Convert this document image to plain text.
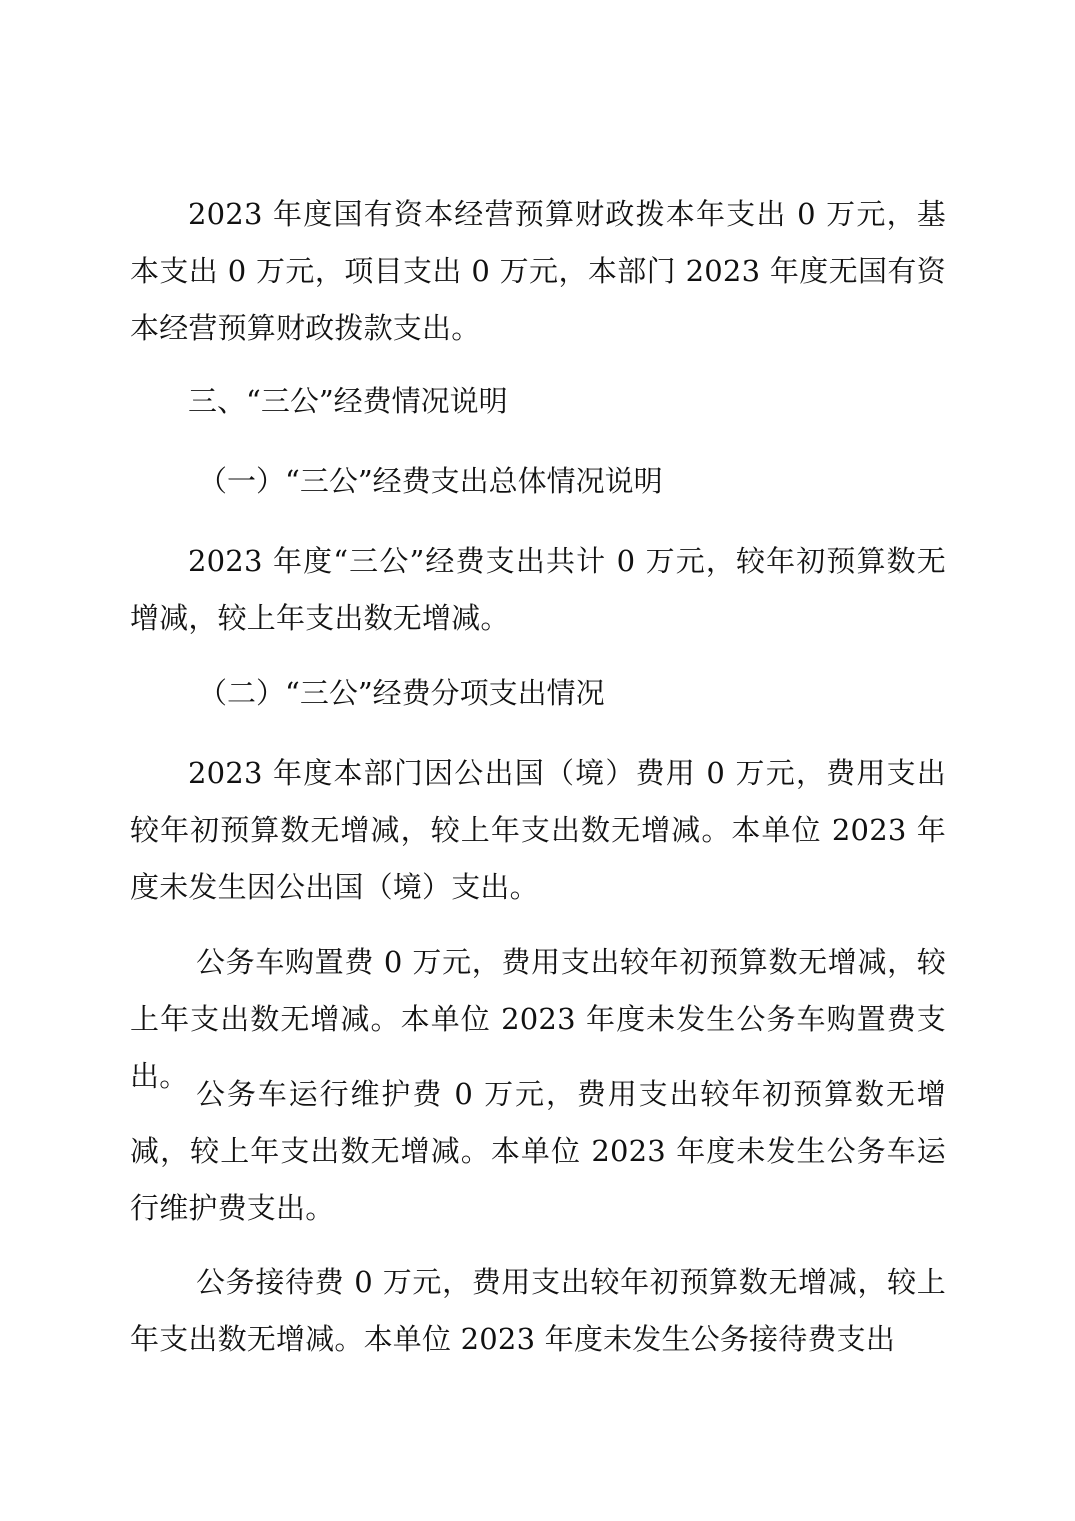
2023 年度国有资本经营预算财政拨本年支出 0 万元，基本支出 0 万元，项目支出 0 万元，本部门 2023 年度无国有资本经营预算财政拨款支出。

三、“三公”经费情况说明

（一）“三公”经费支出总体情况说明

2023 年度“三公”经费支出共计 0 万元，较年初预算数无增减，较上年支出数无增减。

（二）“三公”经费分项支出情况

2023 年度本部门因公出国（境）费用 0 万元，费用支出较年初预算数无增减，较上年支出数无增减。本单位 2023 年度未发生因公出国（境）支出。

公务车购置费 0 万元，费用支出较年初预算数无增减，较上年支出数无增减。本单位 2023 年度未发生公务车购置费支出。

公务车运行维护费 0 万元，费用支出较年初预算数无增减，较上年支出数无增减。本单位 2023 年度未发生公务车运行维护费支出。

公务接待费 0 万元，费用支出较年初预算数无增减，较上年支出数无增减。本单位 2023 年度未发生公务接待费支出
